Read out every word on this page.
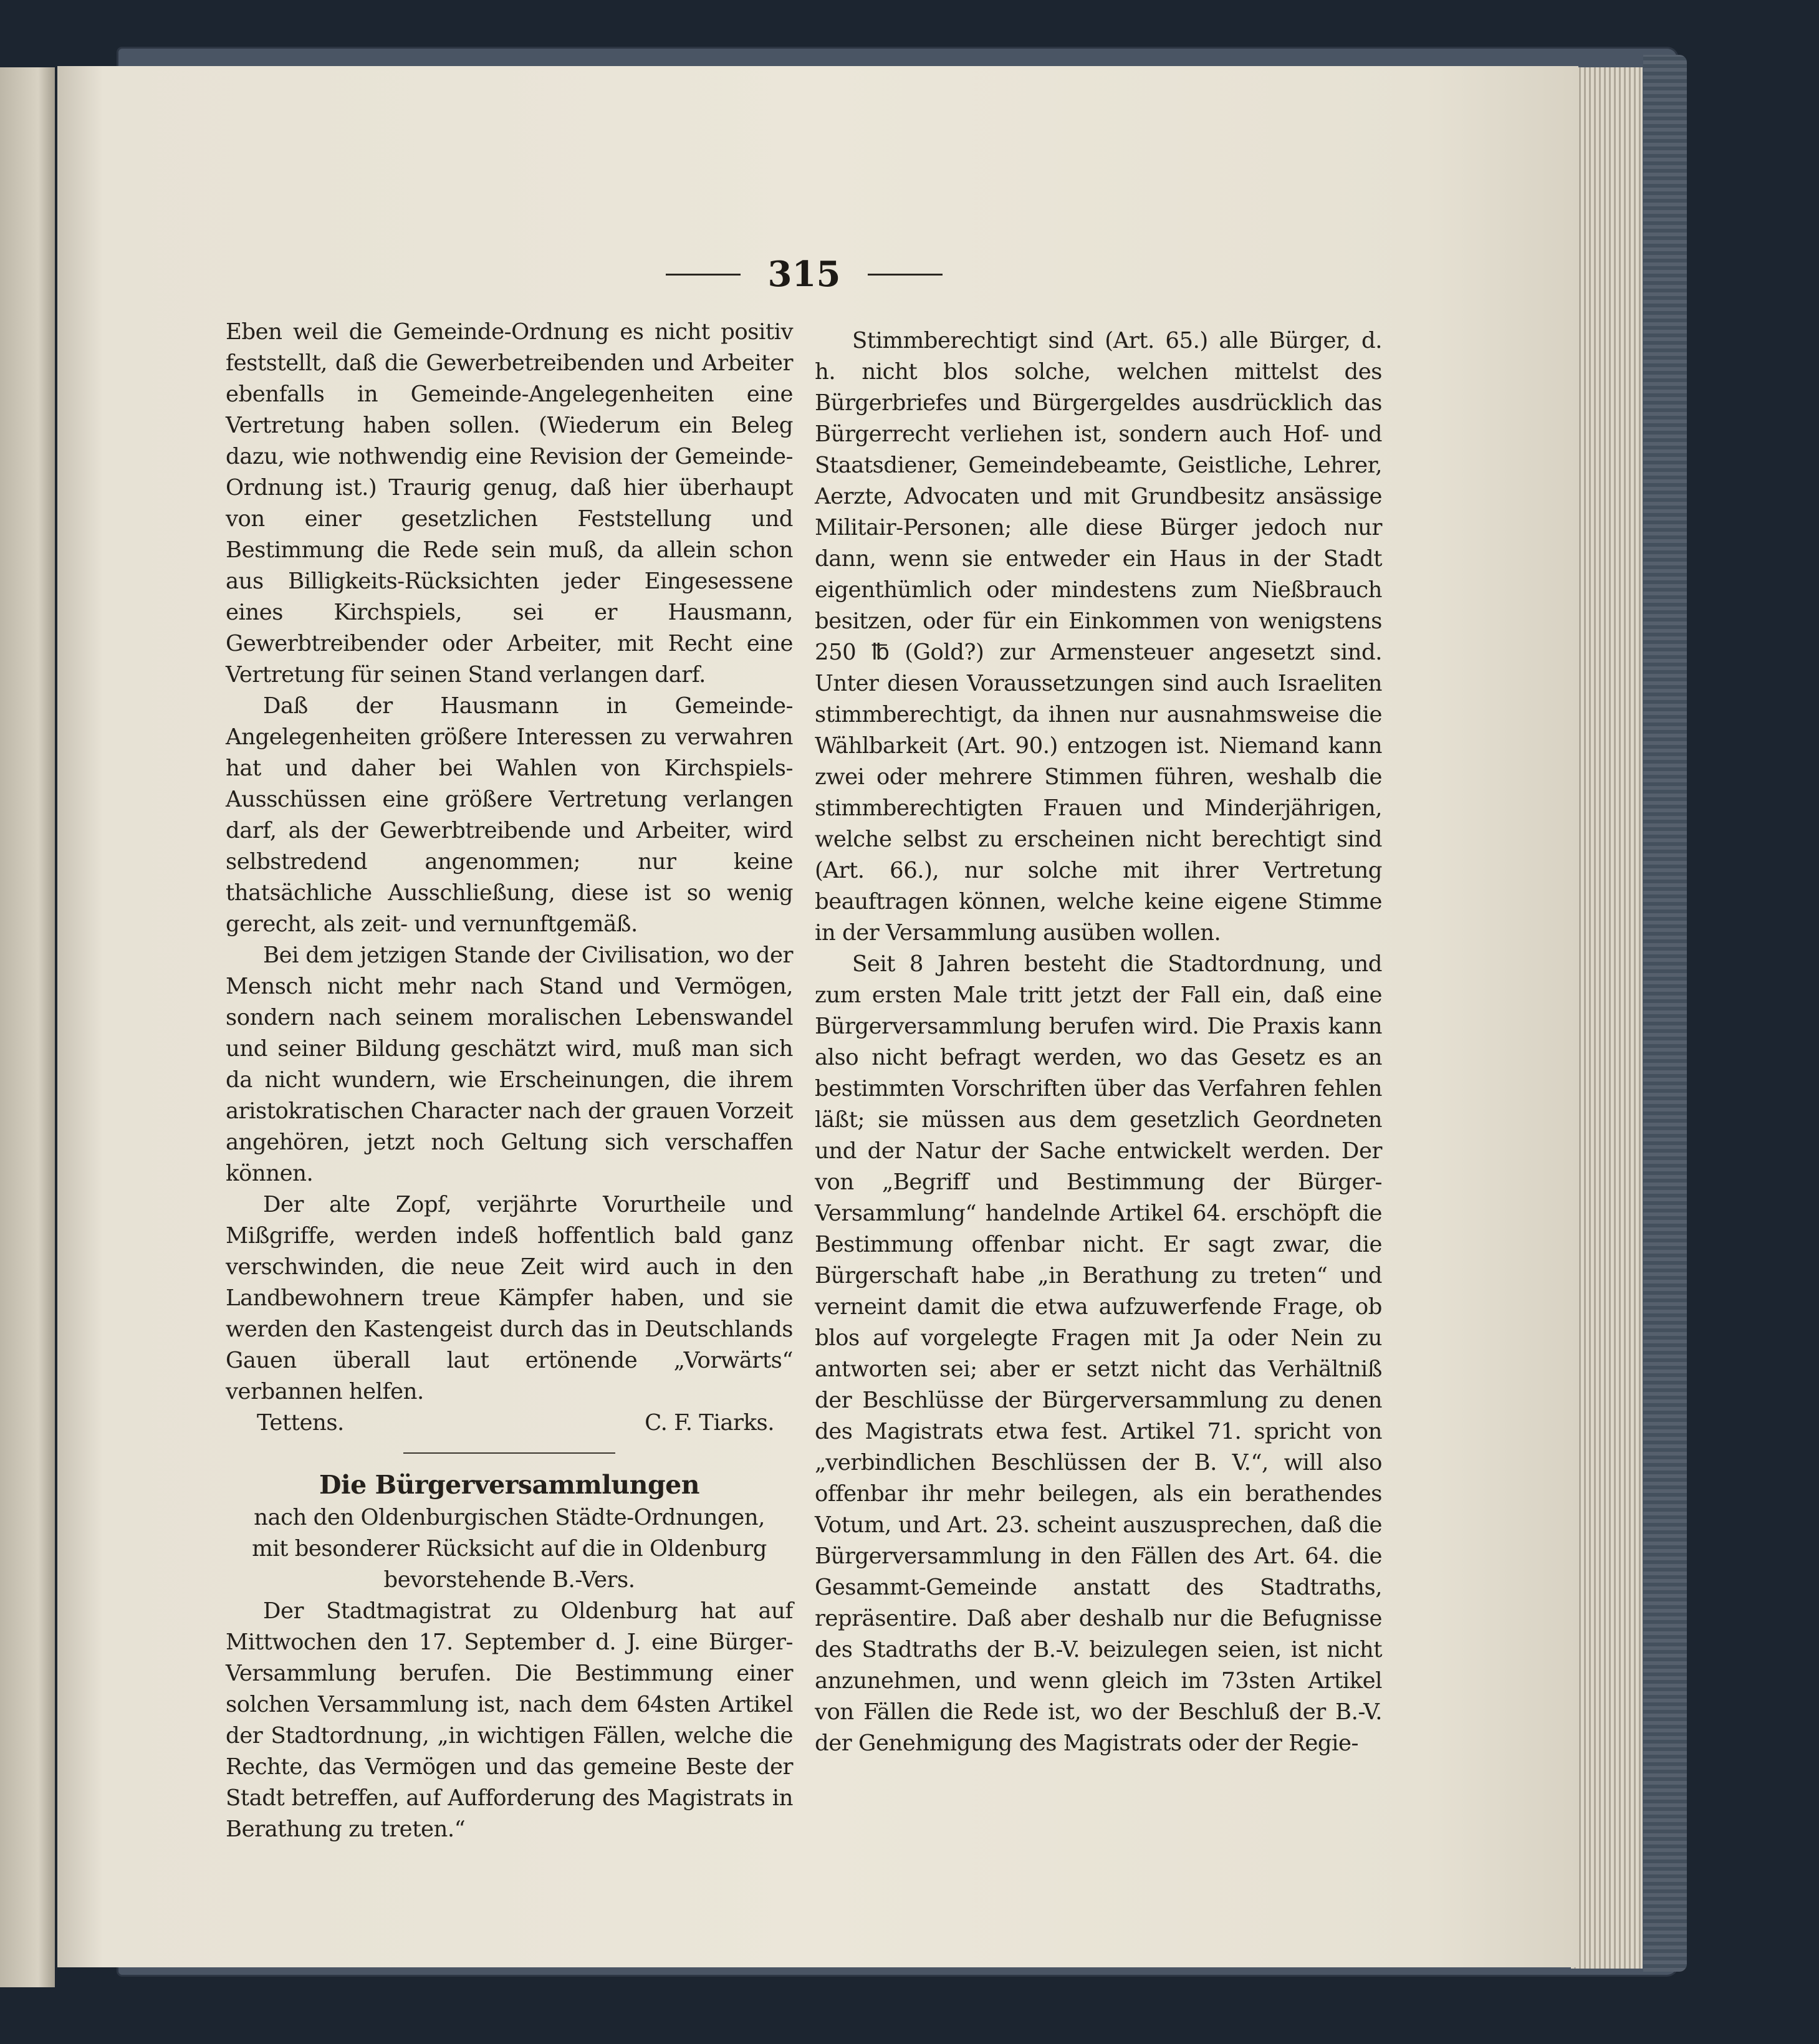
315

Eben weil die Gemeinde-Ordnung es nicht positiv feststellt, daß die Gewerbetreibenden und Arbeiter ebenfalls in Gemeinde-Angelegenheiten eine Vertretung haben sollen. (Wiederum ein Beleg dazu, wie nothwendig eine Revision der Gemeinde-Ordnung ist.) Traurig genug, daß hier überhaupt von einer gesetzlichen Feststellung und Bestimmung die Rede sein muß, da allein schon aus Billigkeits-Rücksichten jeder Eingesessene eines Kirchspiels, sei er Hausmann, Gewerbtreibender oder Arbeiter, mit Recht eine Vertretung für seinen Stand verlangen darf.

Daß der Hausmann in Gemeinde-Angelegenheiten größere Interessen zu verwahren hat und daher bei Wahlen von Kirchspiels-Ausschüssen eine größere Vertretung verlangen darf, als der Gewerbtreibende und Arbeiter, wird selbstredend angenommen; nur keine thatsächliche Ausschließung, diese ist so wenig gerecht, als zeit- und vernunftgemäß.

Bei dem jetzigen Stande der Civilisation, wo der Mensch nicht mehr nach Stand und Vermögen, sondern nach seinem moralischen Lebenswandel und seiner Bildung geschätzt wird, muß man sich da nicht wundern, wie Erscheinungen, die ihrem aristokratischen Character nach der grauen Vorzeit angehören, jetzt noch Geltung sich verschaffen können.

Der alte Zopf, verjährte Vorurtheile und Mißgriffe, werden indeß hoffentlich bald ganz verschwinden, die neue Zeit wird auch in den Landbewohnern treue Kämpfer haben, und sie werden den Kastengeist durch das in Deutschlands Gauen überall laut ertönende „Vorwärts“ verbannen helfen.

Tettens.	C. F. Tiarks.

Die Bürgerversammlungen

nach den Oldenburgischen Städte-Ordnungen,

mit besonderer Rücksicht auf die in Oldenburg

bevorstehende B.-Vers.

Der Stadtmagistrat zu Oldenburg hat auf Mittwochen den 17. September d. J. eine Bürger-Versammlung berufen. Die Bestimmung einer solchen Versammlung ist, nach dem 64sten Artikel der Stadtordnung, „in wichtigen Fällen, welche die Rechte, das Vermögen und das gemeine Beste der Stadt betreffen, auf Aufforderung des Magistrats in Berathung zu treten.“

Stimmberechtigt sind (Art. 65.) alle Bürger, d. h. nicht blos solche, welchen mittelst des Bürgerbriefes und Bürgergeldes ausdrücklich das Bürgerrecht verliehen ist, sondern auch Hof- und Staatsdiener, Gemeindebeamte, Geistliche, Lehrer, Aerzte, Advocaten und mit Grundbesitz ansässige Militair-Personen; alle diese Bürger jedoch nur dann, wenn sie entweder ein Haus in der Stadt eigenthümlich oder mindestens zum Nießbrauch besitzen, oder für ein Einkommen von wenigstens 250 ℔ (Gold?) zur Armensteuer angesetzt sind. Unter diesen Voraussetzungen sind auch Israeliten stimmberechtigt, da ihnen nur ausnahmsweise die Wählbarkeit (Art. 90.) entzogen ist. Niemand kann zwei oder mehrere Stimmen führen, weshalb die stimmberechtigten Frauen und Minderjährigen, welche selbst zu erscheinen nicht berechtigt sind (Art. 66.), nur solche mit ihrer Vertretung beauftragen können, welche keine eigene Stimme in der Versammlung ausüben wollen.

Seit 8 Jahren besteht die Stadtordnung, und zum ersten Male tritt jetzt der Fall ein, daß eine Bürgerversammlung berufen wird. Die Praxis kann also nicht befragt werden, wo das Gesetz es an bestimmten Vorschriften über das Verfahren fehlen läßt; sie müssen aus dem gesetzlich Geordneten und der Natur der Sache entwickelt werden. Der von „Begriff und Bestimmung der Bürger-Versammlung“ handelnde Artikel 64. erschöpft die Bestimmung offenbar nicht. Er sagt zwar, die Bürgerschaft habe „in Berathung zu treten“ und verneint damit die etwa aufzuwerfende Frage, ob blos auf vorgelegte Fragen mit Ja oder Nein zu antworten sei; aber er setzt nicht das Verhältniß der Beschlüsse der Bürgerversammlung zu denen des Magistrats etwa fest. Artikel 71. spricht von „verbindlichen Beschlüssen der B. V.“, will also offenbar ihr mehr beilegen, als ein berathendes Votum, und Art. 23. scheint auszusprechen, daß die Bürgerversammlung in den Fällen des Art. 64. die Gesammt-Gemeinde anstatt des Stadtraths, repräsentire. Daß aber deshalb nur die Befugnisse des Stadtraths der B.-V. beizulegen seien, ist nicht anzunehmen, und wenn gleich im 73sten Artikel von Fällen die Rede ist, wo der Beschluß der B.-V. der Genehmigung des Magistrats oder der Regie-
